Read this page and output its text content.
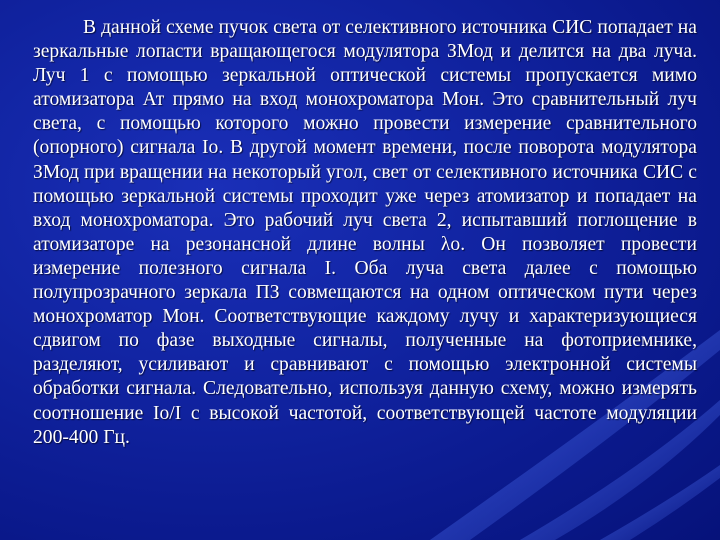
В данной схеме пучок света от селективного источника СИС попадает на зеркальные лопасти вращающегося модулятора ЗМод и делится на два луча. Луч 1 с помощью зеркальной оптической системы пропускается мимо атомизатора Ат прямо на вход монохроматора Мон. Это сравнительный луч света, с помощью которого можно провести измерение сравнительного (опорного) сигнала Iо. В другой момент времени, после поворота модулятора ЗМод при вращении на некоторый угол, свет от селективного источника СИС с помощью зеркальной системы проходит уже через атомизатор и попадает на вход монохроматора. Это рабочий луч света 2, испытавший поглощение в атомизаторе на резонансной длине волны λо. Он позволяет провести измерение полезного сигнала I. Оба луча света далее с помощью полупрозрачного зеркала ПЗ совмещаются на одном оптическом пути через монохроматор Мон. Соответствующие каждому лучу и характеризующиеся сдвигом по фазе выходные сигналы, полученные на фотоприемнике, разделяют, усиливают и сравнивают с помощью электронной системы обработки сигнала. Следовательно, используя данную схему, можно измерять соотношение Iо/I с высокой частотой, соответствующей частоте модуляции 200-400 Гц.
